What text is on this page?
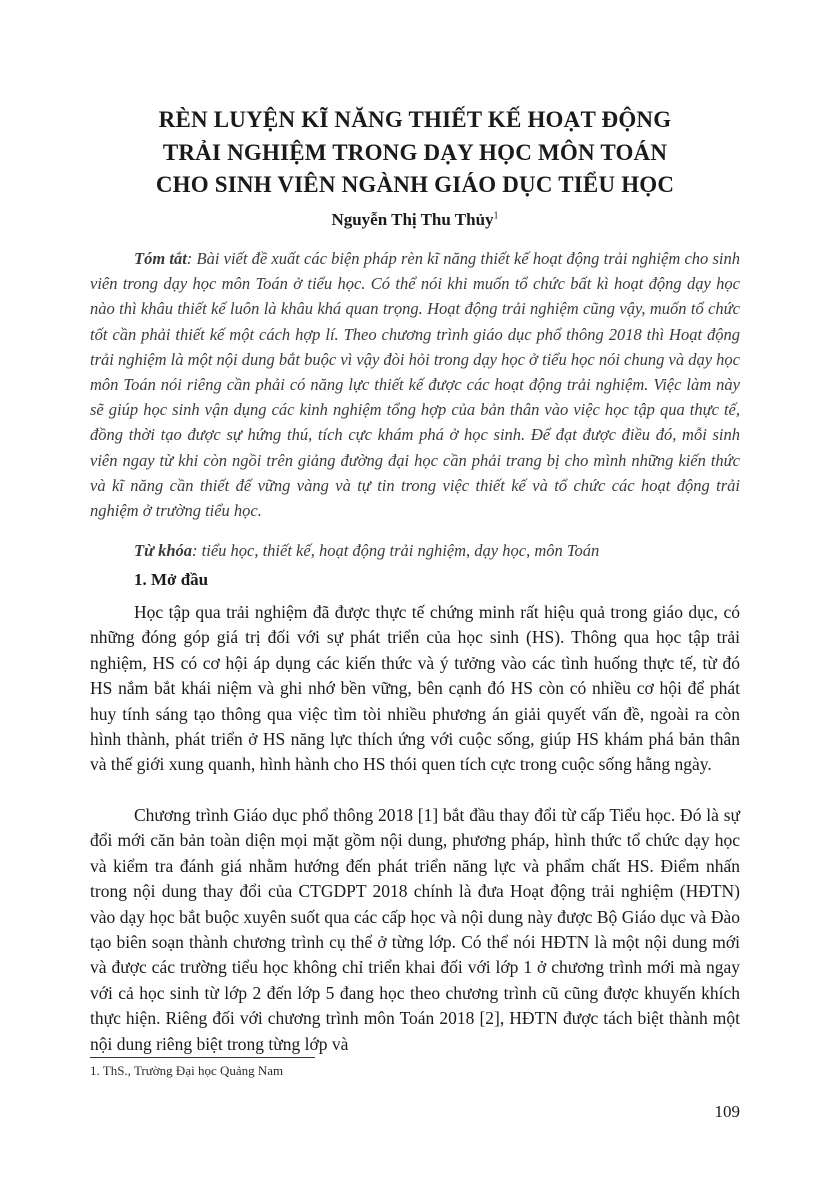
RÈN LUYỆN KĨ NĂNG THIẾT KẾ HOẠT ĐỘNG
TRẢI NGHIỆM TRONG DẠY HỌC MÔN TOÁN
CHO SINH VIÊN NGÀNH GIÁO DỤC TIỂU HỌC
Nguyễn Thị Thu Thủy$^1$
Tóm tắt: Bài viết đề xuất các biện pháp rèn kĩ năng thiết kế hoạt động trải nghiệm cho sinh viên trong dạy học môn Toán ở tiểu học. Có thể nói khi muốn tổ chức bất kì hoạt động dạy học nào thì khâu thiết kế luôn là khâu khá quan trọng. Hoạt động trải nghiệm cũng vậy, muốn tổ chức tốt cần phải thiết kế một cách hợp lí. Theo chương trình giáo dục phổ thông 2018 thì Hoạt động trải nghiệm là một nội dung bắt buộc vì vậy đòi hỏi trong dạy học ở tiểu học nói chung và dạy học môn Toán nói riêng cần phải có năng lực thiết kế được các hoạt động trải nghiệm. Việc làm này sẽ giúp học sinh vận dụng các kinh nghiệm tổng hợp của bản thân vào việc học tập qua thực tế, đồng thời tạo được sự hứng thú, tích cực khám phá ở học sinh. Để đạt được điều đó, mỗi sinh viên ngay từ khi còn ngồi trên giảng đường đại học cần phải trang bị cho mình những kiến thức và kĩ năng cần thiết để vững vàng và tự tin trong việc thiết kế và tổ chức các hoạt động trải nghiệm ở trường tiểu học.
Từ khóa: tiểu học, thiết kế, hoạt động trải nghiệm, dạy học, môn Toán
1. Mở đầu

Học tập qua trải nghiệm đã được thực tế chứng minh rất hiệu quả trong giáo dục, có những đóng góp giá trị đối với sự phát triển của học sinh (HS). Thông qua học tập trải nghiệm, HS có cơ hội áp dụng các kiến thức và ý tưởng vào các tình huống thực tế, từ đó HS nắm bắt khái niệm và ghi nhớ bền vững, bên cạnh đó HS còn có nhiều cơ hội để phát huy tính sáng tạo thông qua việc tìm tòi nhiều phương án giải quyết vấn đề, ngoài ra còn hình thành, phát triển ở HS năng lực thích ứng với cuộc sống, giúp HS khám phá bản thân và thế giới xung quanh, hình hành cho HS thói quen tích cực trong cuộc sống hằng ngày.

Chương trình Giáo dục phổ thông 2018 [1] bắt đầu thay đổi từ cấp Tiểu học. Đó là sự đổi mới căn bản toàn diện mọi mặt gồm nội dung, phương pháp, hình thức tổ chức dạy học và kiểm tra đánh giá nhằm hướng đến phát triển năng lực và phẩm chất HS. Điểm nhấn trong nội dung thay đổi của CTGDPT 2018 chính là đưa Hoạt động trải nghiệm (HĐTN) vào dạy học bắt buộc xuyên suốt qua các cấp học và nội dung này được Bộ Giáo dục và Đào tạo biên soạn thành chương trình cụ thể ở từng lớp. Có thể nói HĐTN là một nội dung mới và được các trường tiểu học không chỉ triển khai đối với lớp 1 ở chương trình mới mà ngay với cả học sinh từ lớp 2 đến lớp 5 đang học theo chương trình cũ cũng được khuyến khích thực hiện. Riêng đối với chương trình môn Toán 2018 [2], HĐTN được tách biệt thành một nội dung riêng biệt trong từng lớp và

1. ThS., Trường Đại học Quảng Nam
109
